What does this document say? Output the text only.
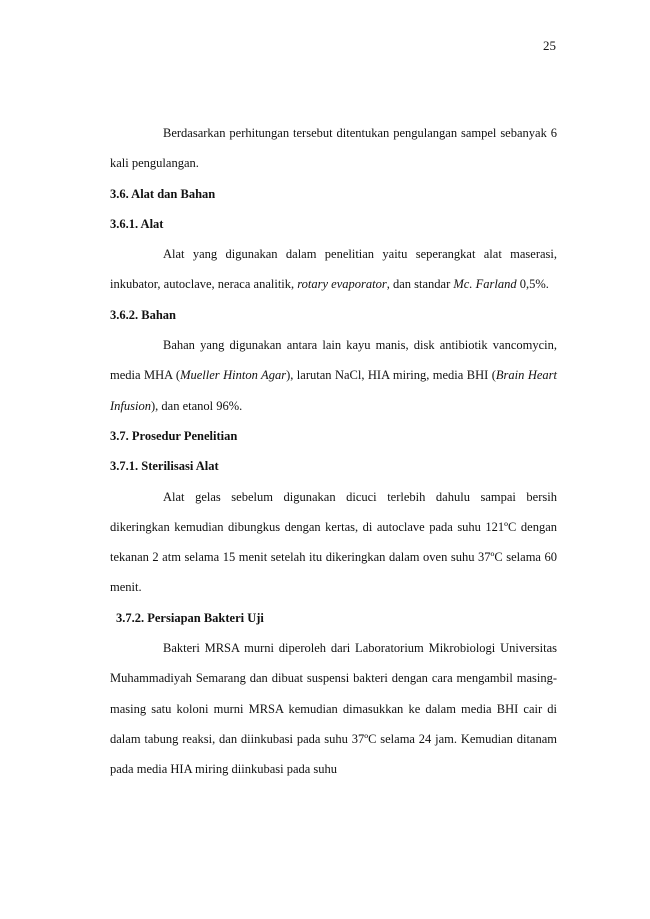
25

Berdasarkan perhitungan tersebut ditentukan pengulangan sampel sebanyak 6 kali pengulangan.

3.6. Alat dan Bahan

3.6.1. Alat

Alat yang digunakan dalam penelitian yaitu seperangkat alat maserasi, inkubator, autoclave, neraca analitik, rotary evaporator, dan standar Mc. Farland 0,5%.

3.6.2. Bahan

Bahan yang digunakan antara lain kayu manis, disk antibiotik vancomycin, media MHA (Mueller Hinton Agar), larutan NaCl, HIA miring, media BHI (Brain Heart Infusion), dan etanol 96%.

3.7. Prosedur Penelitian

3.7.1. Sterilisasi Alat

Alat gelas sebelum digunakan dicuci terlebih dahulu sampai bersih dikeringkan kemudian dibungkus dengan kertas, di autoclave pada suhu 121ºC dengan tekanan 2 atm selama 15 menit setelah itu dikeringkan dalam oven suhu 37ºC selama 60 menit.

3.7.2. Persiapan Bakteri Uji

Bakteri MRSA murni diperoleh dari Laboratorium Mikrobiologi Universitas Muhammadiyah Semarang dan dibuat suspensi bakteri dengan cara mengambil masing-masing satu koloni murni MRSA kemudian dimasukkan ke dalam media BHI cair di dalam tabung reaksi, dan diinkubasi pada suhu 37ºC selama 24 jam. Kemudian ditanam pada media HIA miring diinkubasi pada suhu
